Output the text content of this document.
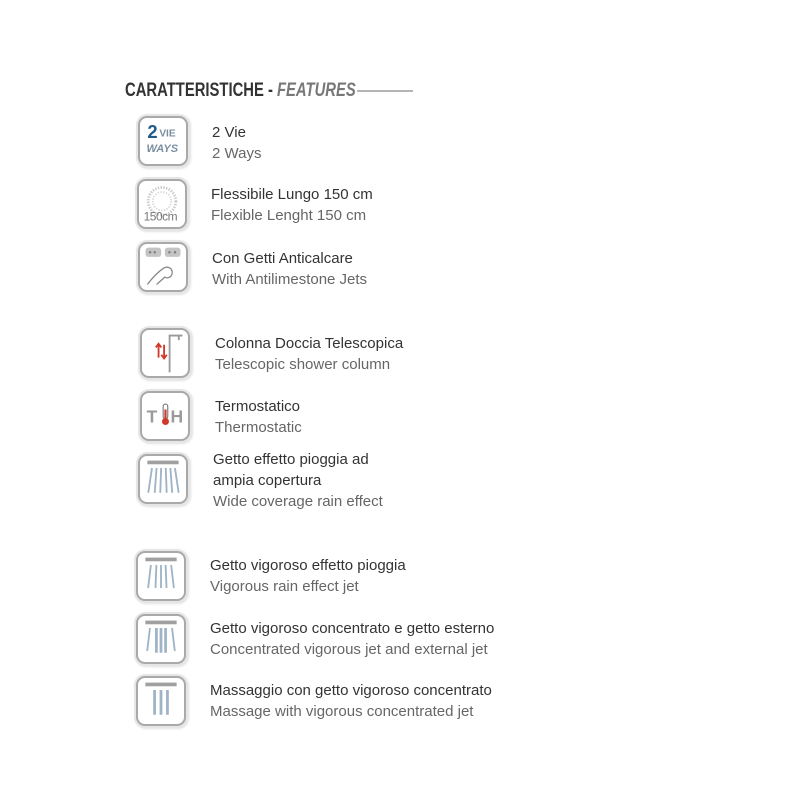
CARATTERISTICHE - FEATURES
2 VIE
WAYS
2 Vie
2 Ways
150cm
Flessibile Lungo 150 cm
Flexible Lenght 150 cm
Con Getti Anticalcare
With Antilimestone Jets
Colonna Doccia Telescopica
Telescopic shower column
T H Termostatico
Thermostatic
Getto effetto pioggia ad
ampia copertura
Wide coverage rain effect
Getto vigoroso effetto pioggia
Vigorous rain effect jet
Getto vigoroso concentrato e getto esterno
Concentrated vigorous jet and external jet
Massaggio con getto vigoroso concentrato
Massage with vigorous concentrated jet
